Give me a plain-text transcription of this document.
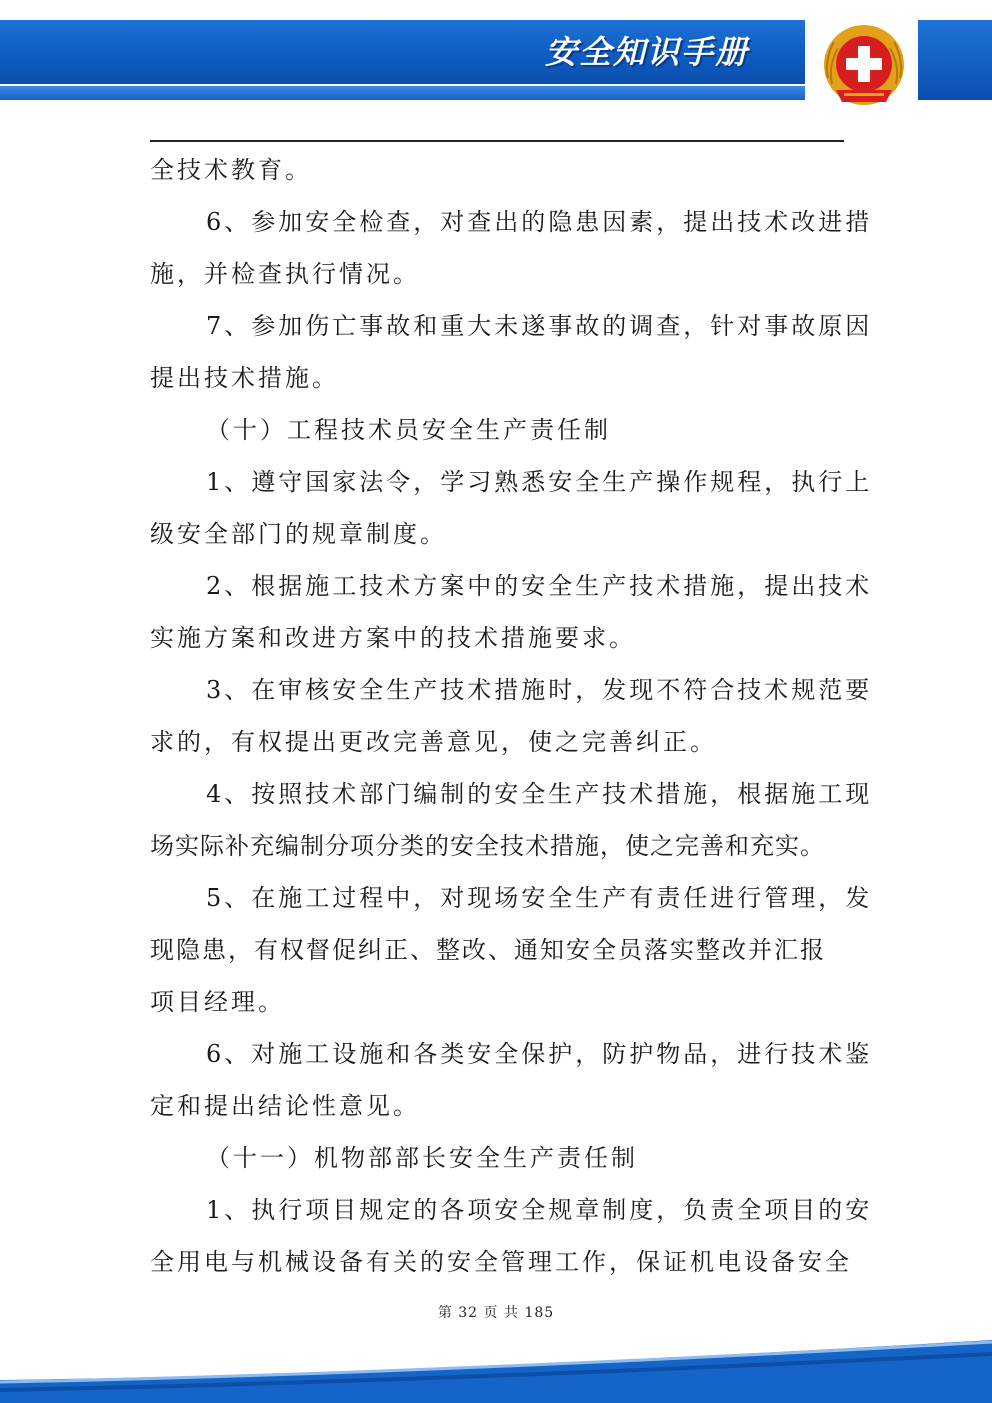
安全知识手册

全技术教育。

6、参加安全检查，对查出的隐患因素，提出技术改进措

施，并检查执行情况。

7、参加伤亡事故和重大未遂事故的调查，针对事故原因

提出技术措施。

（十）工程技术员安全生产责任制

1、遵守国家法令，学习熟悉安全生产操作规程，执行上

级安全部门的规章制度。

2、根据施工技术方案中的安全生产技术措施，提出技术

实施方案和改进方案中的技术措施要求。

3、在审核安全生产技术措施时，发现不符合技术规范要

求的，有权提出更改完善意见，使之完善纠正。

4、按照技术部门编制的安全生产技术措施，根据施工现

场实际补充编制分项分类的安全技术措施，使之完善和充实。

5、在施工过程中，对现场安全生产有责任进行管理，发

现隐患，有权督促纠正、整改、通知安全员落实整改并汇报

项目经理。

6、对施工设施和各类安全保护，防护物品，进行技术鉴

定和提出结论性意见。

（十一）机物部部长安全生产责任制

1、执行项目规定的各项安全规章制度，负责全项目的安

全用电与机械设备有关的安全管理工作，保证机电设备安全

第 32 页 共 185
